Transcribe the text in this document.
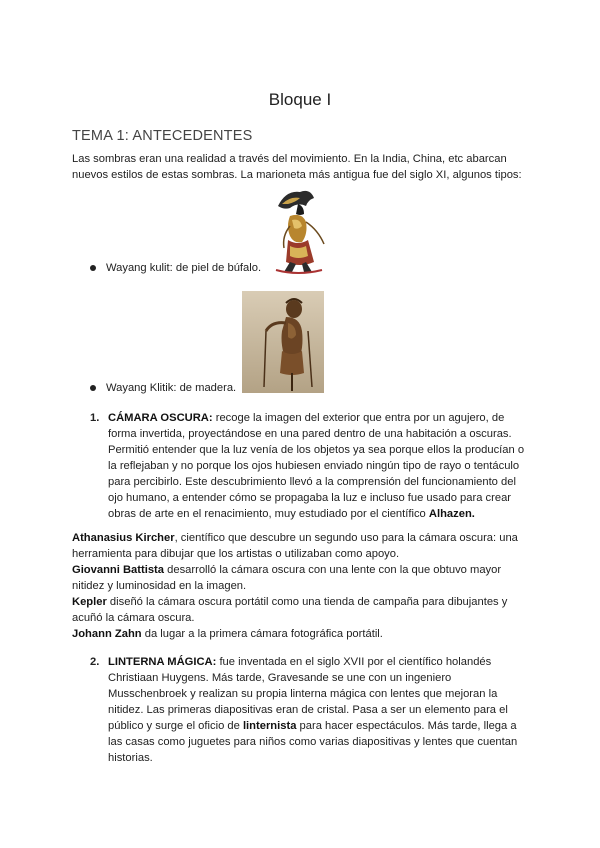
Bloque I
TEMA 1: ANTECEDENTES
Las sombras eran una realidad a través del movimiento. En la India, China, etc abarcan
nuevos estilos de estas sombras. La marioneta más antigua fue del siglo XI, algunos tipos:
Wayang kulit: de piel de búfalo.
Wayang Klitik: de madera.
1. CÁMARA OSCURA: recoge la imagen del exterior que entra por un agujero, de
forma invertida, proyectándose en una pared dentro de una habitación a oscuras.
Permitió entender que la luz venía de los objetos ya sea porque ellos la producían o
la reflejaban y no porque los ojos hubiesen enviado ningún tipo de rayo o tentáculo
para percibirlo. Este descubrimiento llevó a la comprensión del funcionamiento del
ojo humano, a entender cómo se propagaba la luz e incluso fue usado para crear
obras de arte en el renacimiento, muy estudiado por el científico Alhazen.
Athanasius Kircher, científico que descubre un segundo uso para la cámara oscura: una
herramienta para dibujar que los artistas o utilizaban como apoyo.
Giovanni Battista desarrolló la cámara oscura con una lente con la que obtuvo mayor
nitidez y luminosidad en la imagen.
Kepler diseñó la cámara oscura portátil como una tienda de campaña para dibujantes y
acuñó la cámara oscura.
Johann Zahn da lugar a la primera cámara fotográfica portátil.
2. LINTERNA MÁGICA: fue inventada en el siglo XVII por el científico holandés
Christiaan Huygens. Más tarde, Gravesande se une con un ingeniero
Musschenbroek y realizan su propia linterna mágica con lentes que mejoran la
nitidez. Las primeras diapositivas eran de cristal. Pasa a ser un elemento para el
público y surge el oficio de linternista para hacer espectáculos. Más tarde, llega a
las casas como juguetes para niños como varias diapositivas y lentes que cuentan
historias.
